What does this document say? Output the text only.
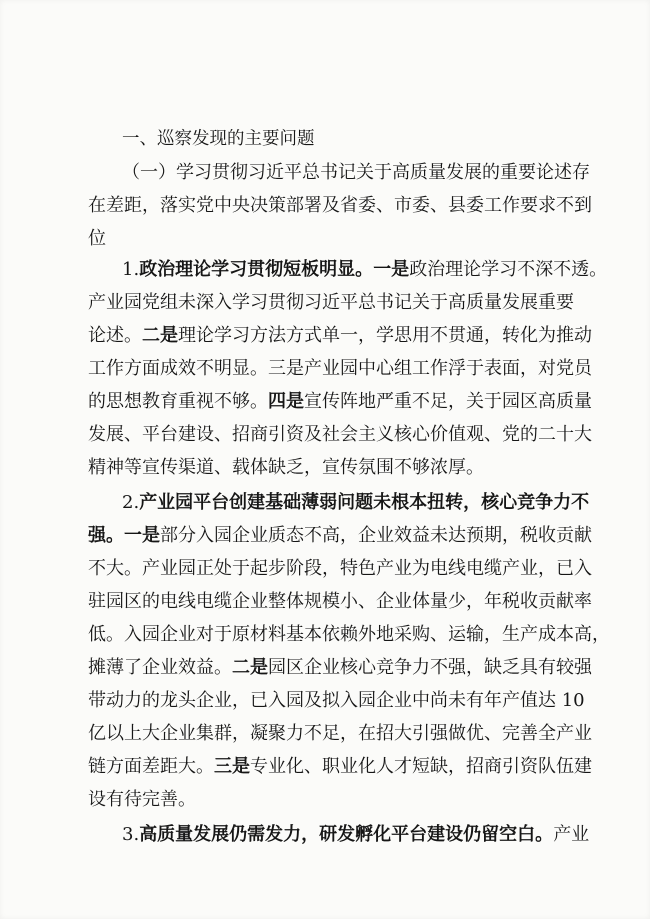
一、巡察发现的主要问题
（一）学习贯彻习近平总书记关于高质量发展的重要论述存
在差距，落实党中央决策部署及省委、市委、县委工作要求不到
位
1.政治理论学习贯彻短板明显。一是政治理论学习不深不透。
产业园党组未深入学习贯彻习近平总书记关于高质量发展重要
论述。二是理论学习方法方式单一，学思用不贯通，转化为推动
工作方面成效不明显。三是产业园中心组工作浮于表面，对党员
的思想教育重视不够。四是宣传阵地严重不足，关于园区高质量
发展、平台建设、招商引资及社会主义核心价值观、党的二十大
精神等宣传渠道、载体缺乏，宣传氛围不够浓厚。
2.产业园平台创建基础薄弱问题未根本扭转，核心竞争力不
强。一是部分入园企业质态不高，企业效益未达预期，税收贡献
不大。产业园正处于起步阶段，特色产业为电线电缆产业，已入
驻园区的电线电缆企业整体规模小、企业体量少，年税收贡献率
低。入园企业对于原材料基本依赖外地采购、运输，生产成本高，
摊薄了企业效益。二是园区企业核心竞争力不强，缺乏具有较强
带动力的龙头企业，已入园及拟入园企业中尚未有年产值达 10
亿以上大企业集群，凝聚力不足，在招大引强做优、完善全产业
链方面差距大。三是专业化、职业化人才短缺，招商引资队伍建
设有待完善。
3.高质量发展仍需发力，研发孵化平台建设仍留空白。产业
